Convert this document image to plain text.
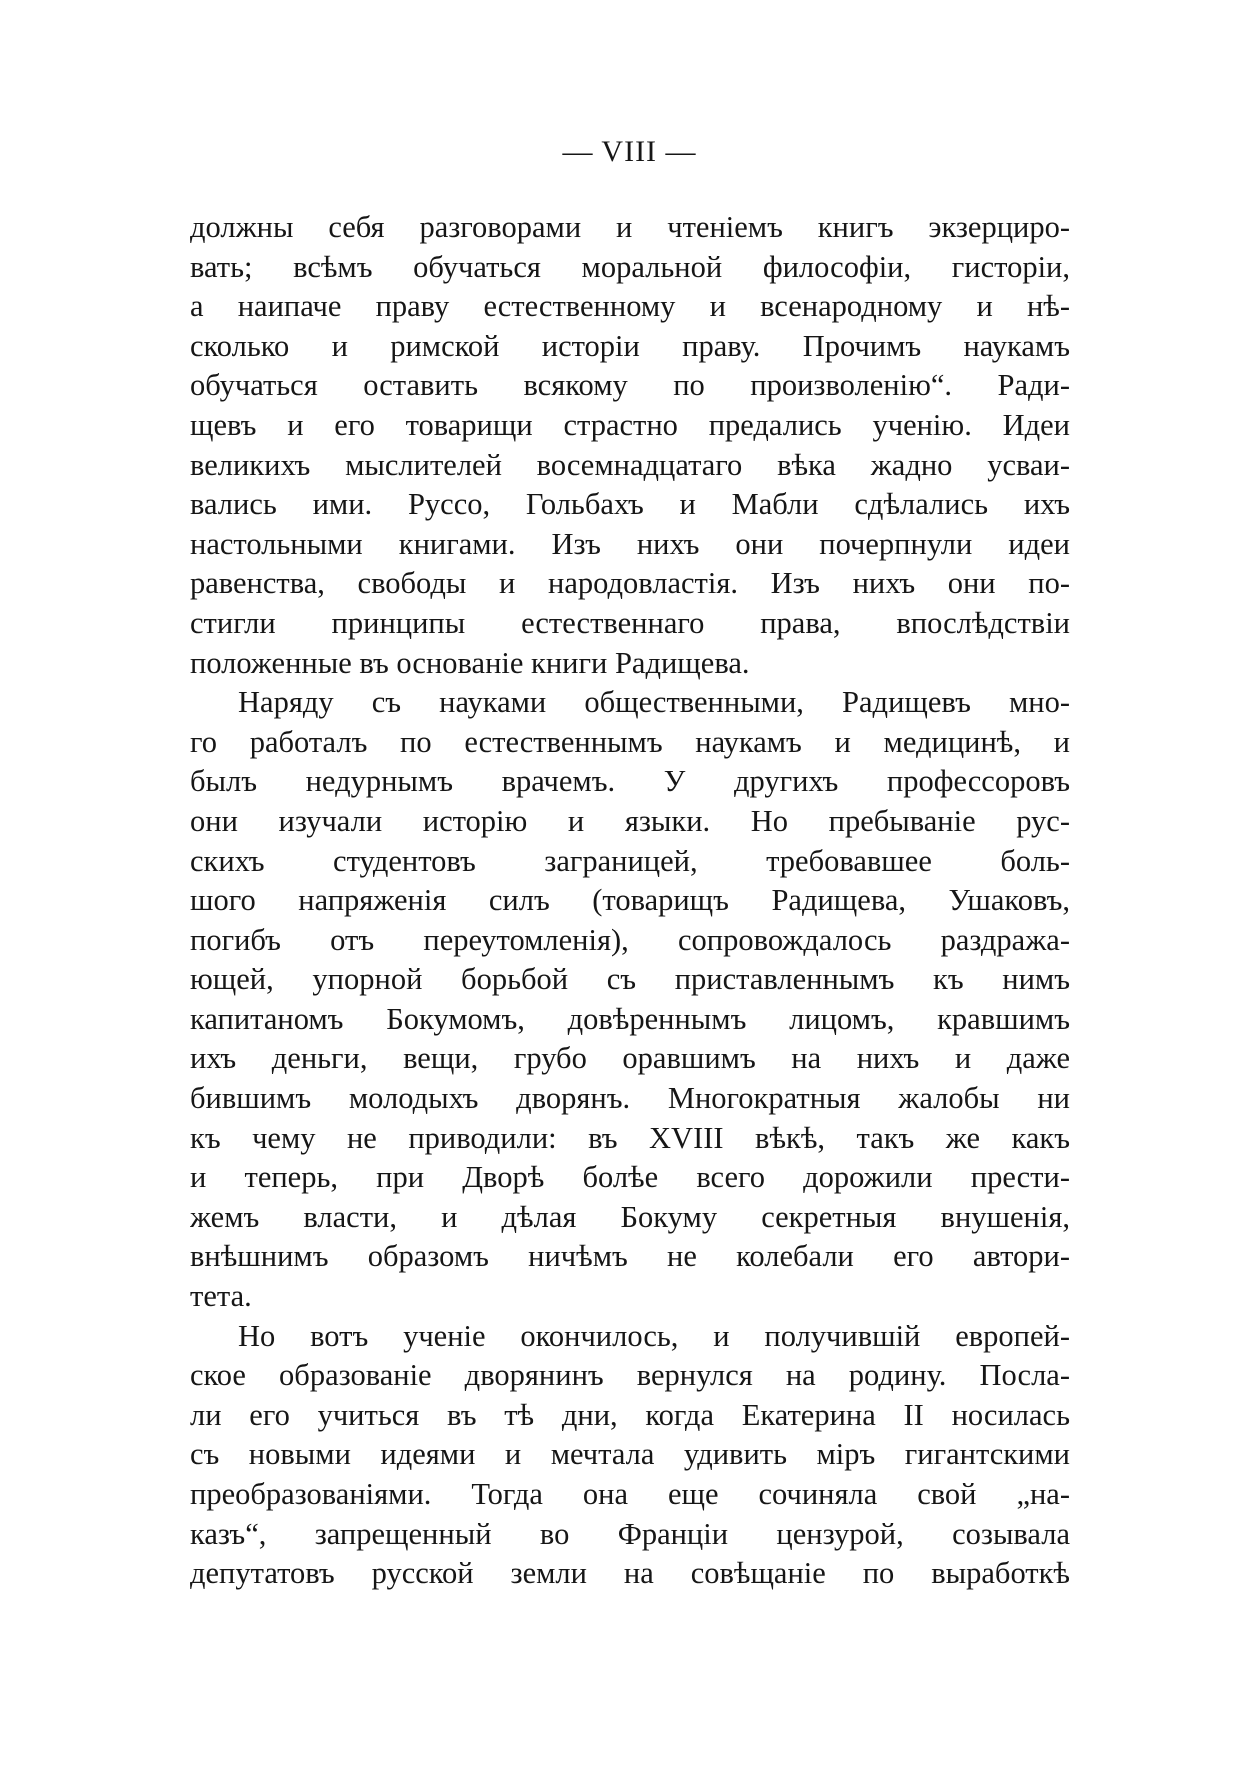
— VIII —
должны себя разговорами и чтеніемъ книгъ экзерциро-
вать; всѣмъ обучаться моральной философіи, гисторіи,
а наипаче праву естественному и всенародному и нѣ-
сколько и римской исторіи праву. Прочимъ наукамъ
обучаться оставить всякому по произволенію“. Ради-
щевъ и его товарищи страстно предались ученію. Идеи
великихъ мыслителей восемнадцатаго вѣка жадно усваи-
вались ими. Руссо, Гольбахъ и Мабли сдѣлались ихъ
настольными книгами. Изъ нихъ они почерпнули идеи
равенства, свободы и народовластія. Изъ нихъ они по-
стигли принципы естественнаго права, впослѣдствіи
положенные въ основаніе книги Радищева.
Наряду съ науками общественными, Радищевъ мно-
го работалъ по естественнымъ наукамъ и медицинѣ, и
былъ недурнымъ врачемъ. У другихъ профессоровъ
они изучали исторію и языки. Но пребываніе рус-
скихъ студентовъ заграницей, требовавшее боль-
шого напряженія силъ (товарищъ Радищева, Ушаковъ,
погибъ отъ переутомленія), сопровождалось раздража-
ющей, упорной борьбой съ приставленнымъ къ нимъ
капитаномъ Бокумомъ, довѣреннымъ лицомъ, кравшимъ
ихъ деньги, вещи, грубо оравшимъ на нихъ и даже
бившимъ молодыхъ дворянъ. Многократныя жалобы ни
къ чему не приводили: въ XVIII вѣкѣ, такъ же какъ
и теперь, при Дворѣ болѣе всего дорожили прести-
жемъ власти, и дѣлая Бокуму секретныя внушенія,
внѣшнимъ образомъ ничѣмъ не колебали его автори-
тета.
Но вотъ ученіе окончилось, и получившій европей-
ское образованіе дворянинъ вернулся на родину. Посла-
ли его учиться въ тѣ дни, когда Екатерина II носилась
съ новыми идеями и мечтала удивить міръ гигантскими
преобразованіями. Тогда она еще сочиняла свой „на-
казъ“, запрещенный во Франціи цензурой, созывала
депутатовъ русской земли на совѣщаніе по выработкѣ
